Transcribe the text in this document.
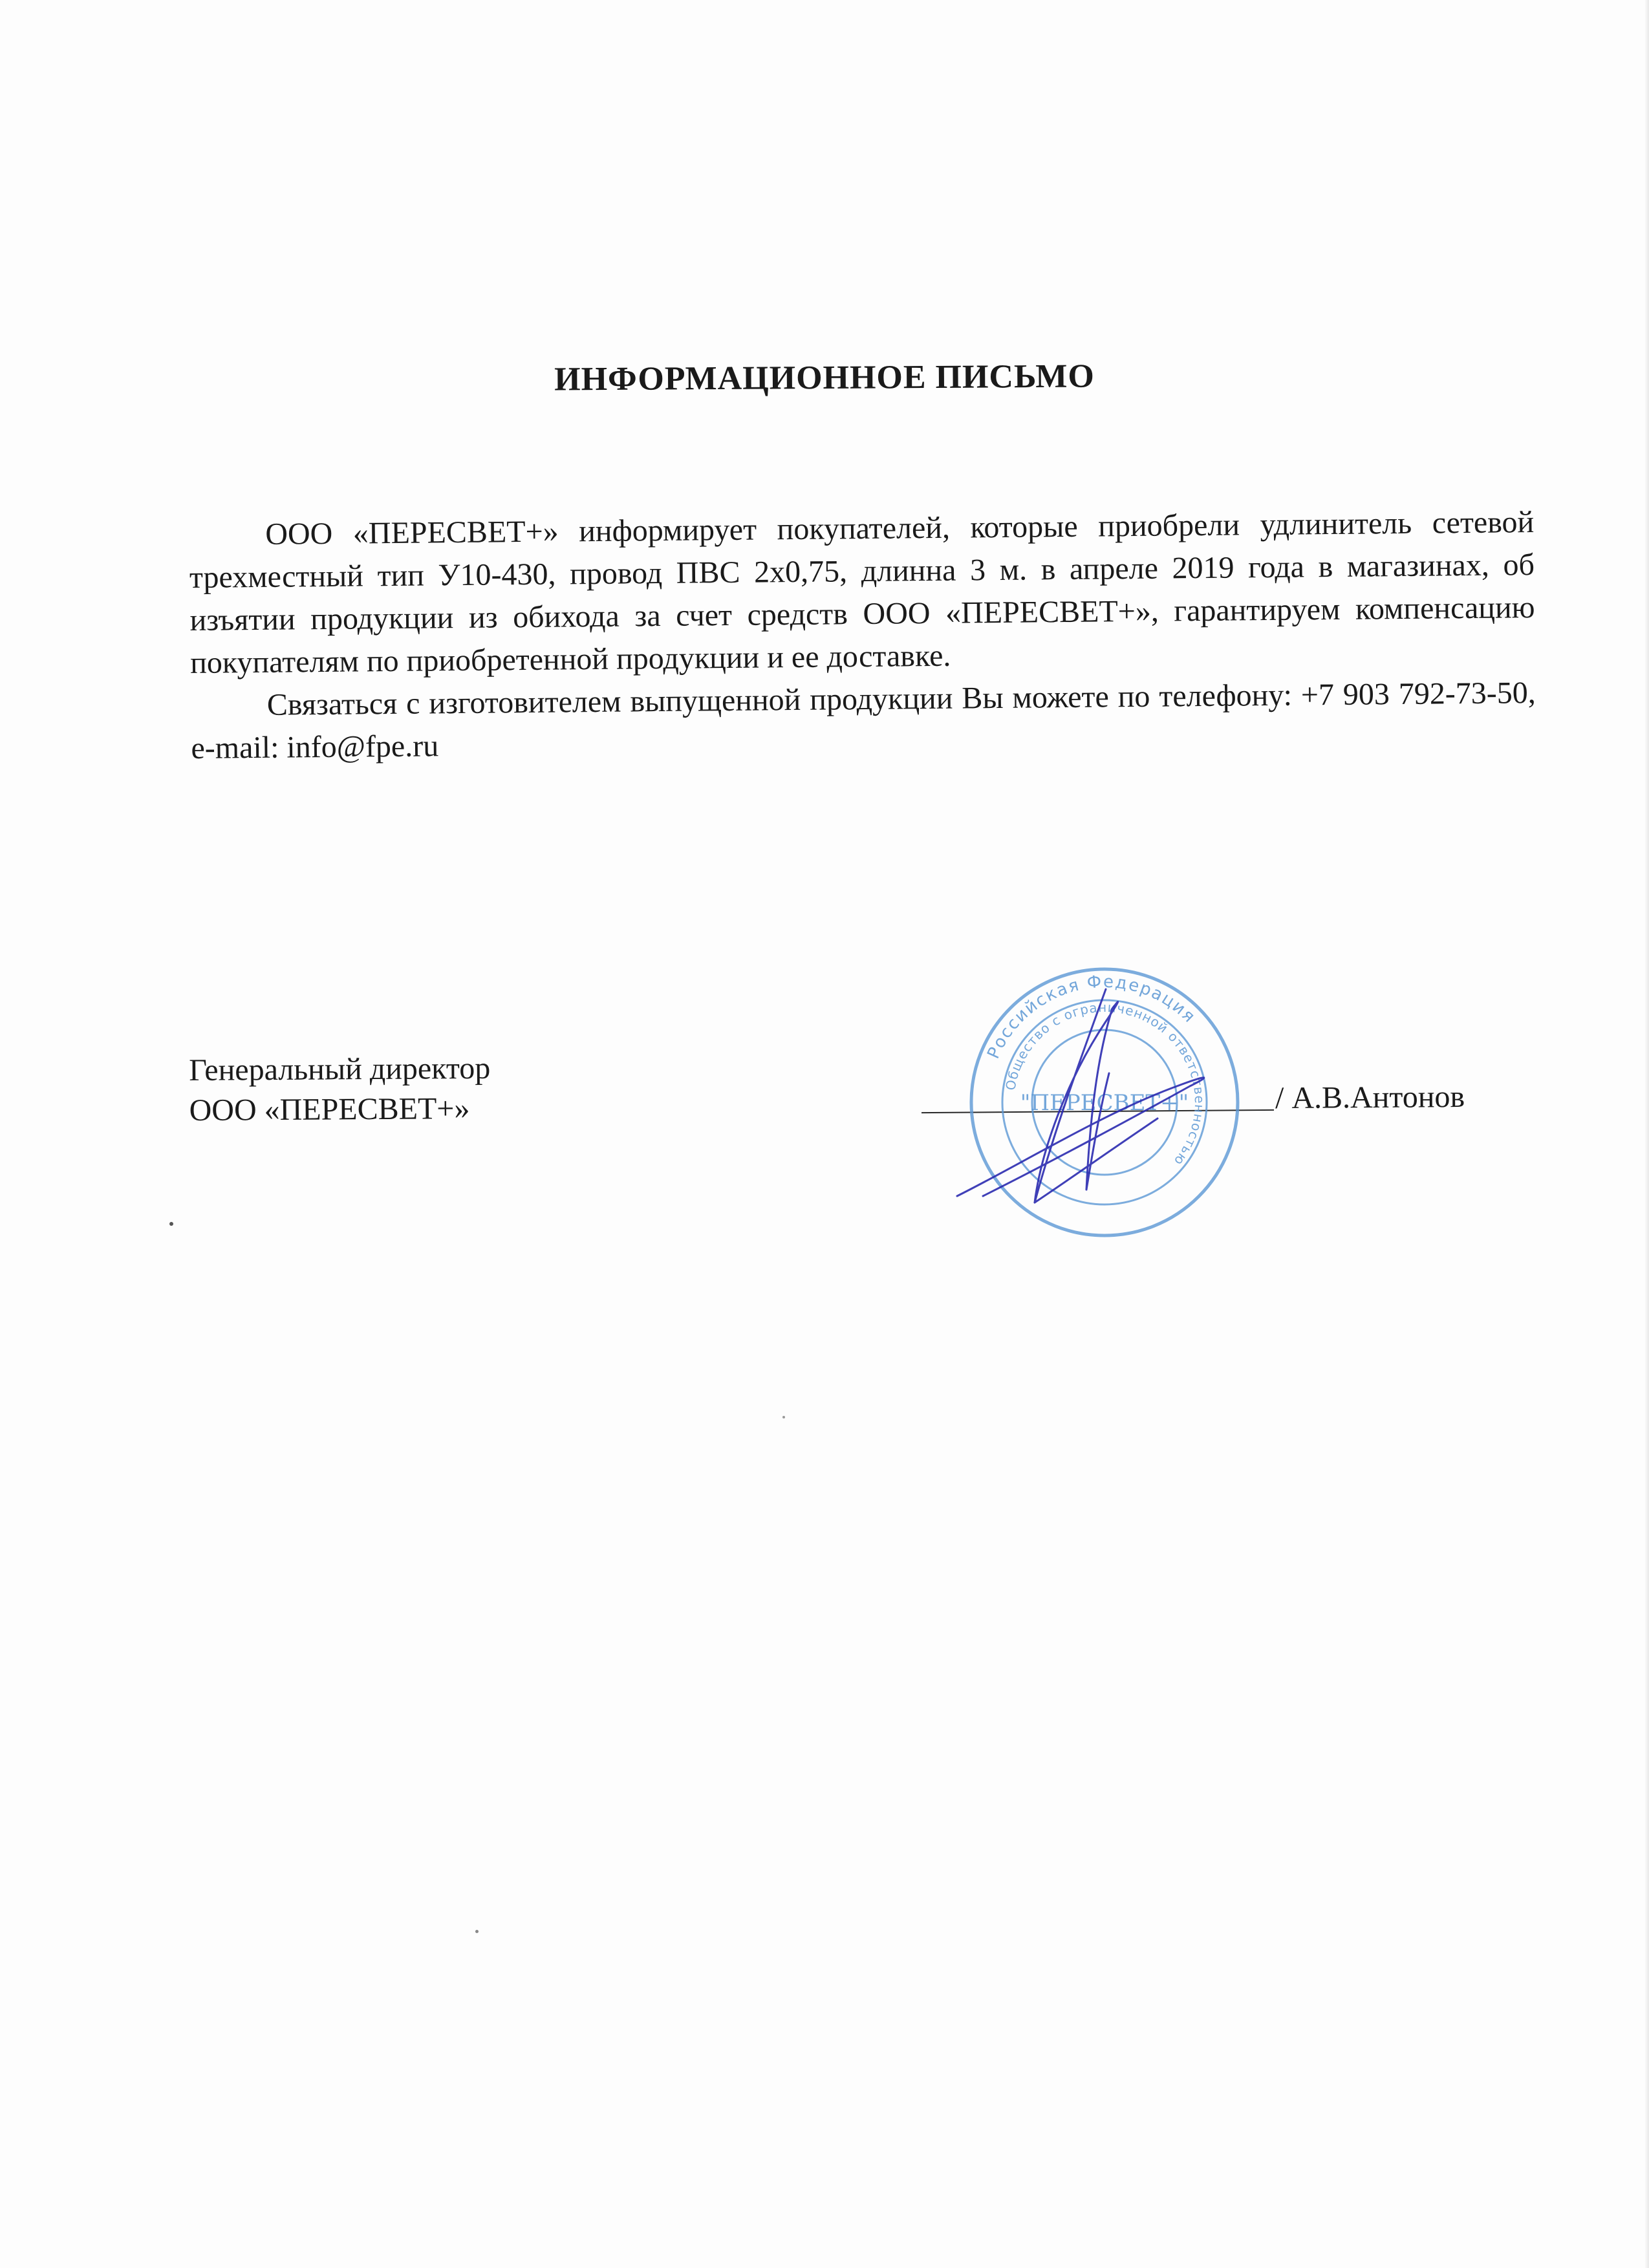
ИНФОРМАЦИОННОЕ ПИСЬМО

ООО «ПЕРЕСВЕТ+» информирует покупателей, которые приобрели удлинитель сетевой трехместный тип У10-430, провод ПВС 2х0,75, длинна 3 м. в апреле 2019 года в магазинах, об изъятии продукции из обихода за счет средств ООО «ПЕРЕСВЕТ+», гарантируем компенсацию покупателям по приобретенной продукции и ее доставке.

Связаться с изготовителем выпущенной продукции Вы можете по телефону: +7 903 792-73-50, e-mail: info@fpe.ru

Генеральный директор
ООО «ПЕРЕСВЕТ+»	/ А.В.Антонов
Российская Федерация
Общество с ограниченной ответственностью
"ПЕРЕСВЕТ+"
